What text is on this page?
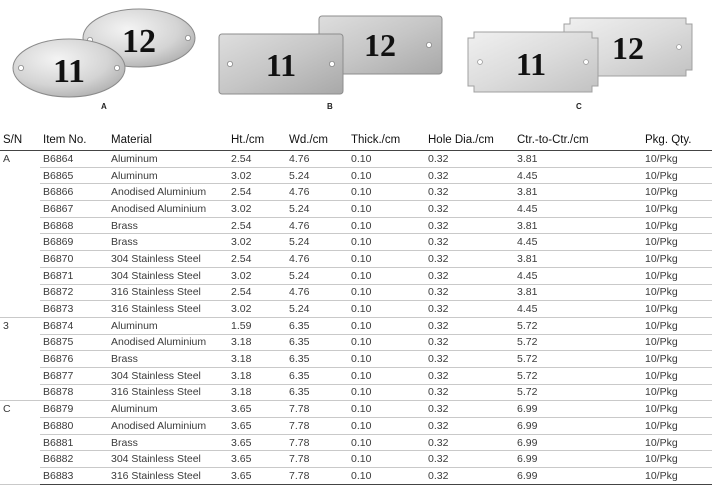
12
11
A
12
11
B
12
11
C
S/N	Item No.	Material	Ht./cm	Wd./cm	Thick./cm	Hole Dia./cm	Ctr.-to-Ctr./cm	Pkg. Qty.
A	B6864	Aluminum	2.54	4.76	0.10	0.32	3.81	10/Pkg
	B6865	Aluminum	3.02	5.24	0.10	0.32	4.45	10/Pkg
	B6866	Anodised Aluminium	2.54	4.76	0.10	0.32	3.81	10/Pkg
	B6867	Anodised Aluminium	3.02	5.24	0.10	0.32	4.45	10/Pkg
	B6868	Brass	2.54	4.76	0.10	0.32	3.81	10/Pkg
	B6869	Brass	3.02	5.24	0.10	0.32	4.45	10/Pkg
	B6870	304 Stainless Steel	2.54	4.76	0.10	0.32	3.81	10/Pkg
	B6871	304 Stainless Steel	3.02	5.24	0.10	0.32	4.45	10/Pkg
	B6872	316 Stainless Steel	2.54	4.76	0.10	0.32	3.81	10/Pkg
	B6873	316 Stainless Steel	3.02	5.24	0.10	0.32	4.45	10/Pkg
3	B6874	Aluminum	1.59	6.35	0.10	0.32	5.72	10/Pkg
	B6875	Anodised Aluminium	3.18	6.35	0.10	0.32	5.72	10/Pkg
	B6876	Brass	3.18	6.35	0.10	0.32	5.72	10/Pkg
	B6877	304 Stainless Steel	3.18	6.35	0.10	0.32	5.72	10/Pkg
	B6878	316 Stainless Steel	3.18	6.35	0.10	0.32	5.72	10/Pkg
C	B6879	Aluminum	3.65	7.78	0.10	0.32	6.99	10/Pkg
	B6880	Anodised Aluminium	3.65	7.78	0.10	0.32	6.99	10/Pkg
	B6881	Brass	3.65	7.78	0.10	0.32	6.99	10/Pkg
	B6882	304 Stainless Steel	3.65	7.78	0.10	0.32	6.99	10/Pkg
	B6883	316 Stainless Steel	3.65	7.78	0.10	0.32	6.99	10/Pkg
